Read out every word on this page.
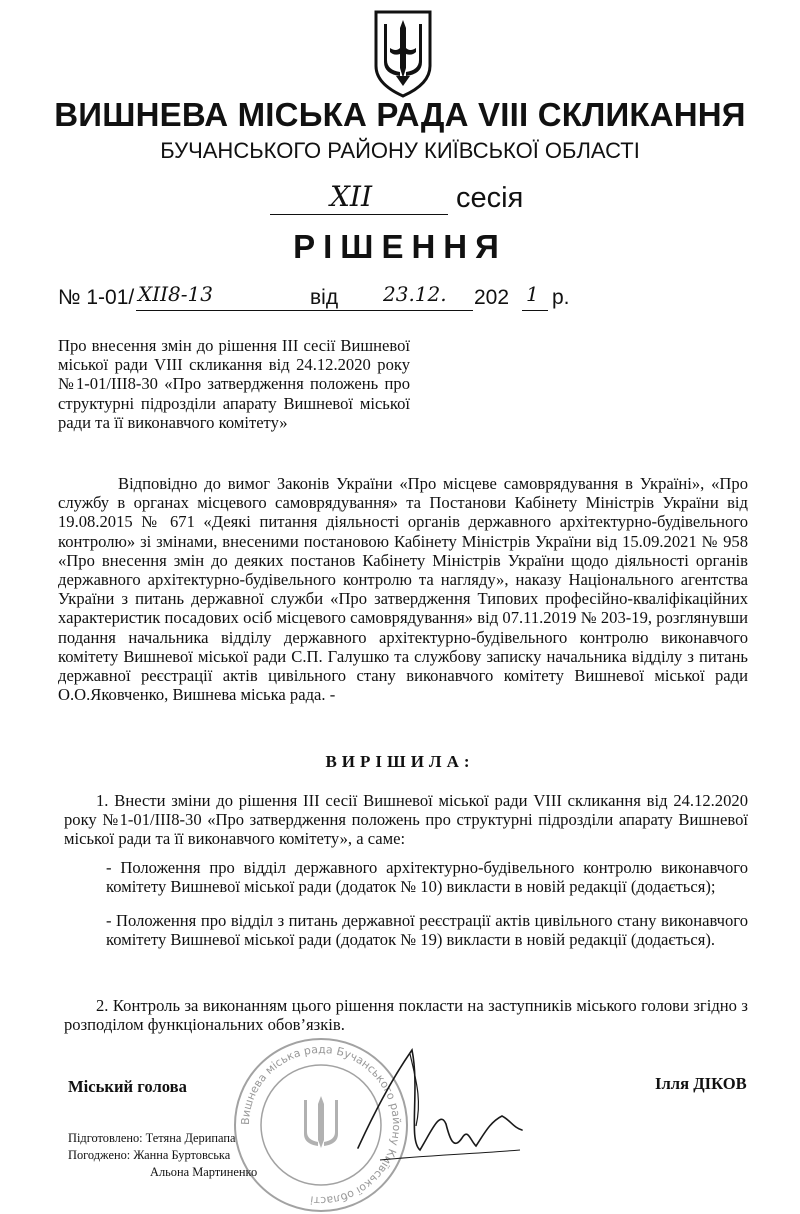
ВИШНЕВА МІСЬКА РАДА VIII СКЛИКАННЯ
БУЧАНСЬКОГО РАЙОНУ КИЇВСЬКОЇ ОБЛАСТІ
XII	сесія
РІШЕННЯ
№ 1-01/ XII8-13	від 23.12. 202 1 р.
Про внесення змін до рішення ІІІ сесії Вишневої міської ради VIII скликання від 24.12.2020 року №1-01/ІІІ8-30 «Про затвердження положень про структурні підрозділи апарату Вишневої міської ради та її виконавчого комітету»
Відповідно до вимог Законів України «Про місцеве самоврядування в Україні», «Про службу в органах місцевого самоврядування» та Постанови Кабінету Міністрів України від 19.08.2015 № 671 «Деякі питання діяльності органів державного архітектурно-будівельного контролю» зі змінами, внесеними постановою Кабінету Міністрів України від 15.09.2021 № 958 «Про внесення змін до деяких постанов Кабінету Міністрів України щодо діяльності органів державного архітектурно-будівельного контролю та нагляду», наказу Національного агентства України з питань державної служби «Про затвердження Типових професійно-кваліфікаційних характеристик посадових осіб місцевого самоврядування» від 07.11.2019 № 203-19, розглянувши подання начальника відділу державного архітектурно-будівельного контролю виконавчого комітету Вишневої міської ради С.П. Галушко та службову записку начальника відділу з питань державної реєстрації актів цивільного стану виконавчого комітету Вишневої міської ради О.О.Яковченко, Вишнева міська рада. -
ВИРІШИЛА:
1. Внести зміни до рішення ІІІ сесії Вишневої міської ради VIII скликання від 24.12.2020 року №1-01/ІІІ8-30 «Про затвердження положень про структурні підрозділи апарату Вишневої міської ради та її виконавчого комітету», а саме:
- Положення про відділ державного архітектурно-будівельного контролю виконавчого комітету Вишневої міської ради (додаток № 10) викласти в новій редакції (додається);
- Положення про відділ з питань державної реєстрації актів цивільного стану виконавчого комітету Вишневої міської ради (додаток № 19) викласти в новій редакції (додається).
2. Контроль за виконанням цього рішення покласти на заступників міського голови згідно з розподілом функціональних обов’язків.
Міський голова	Ілля ДІКОВ
Підготовлено: Тетяна Дерипапа
Погоджено: Жанна Буртовська
Альона Мартиненко
Вишнева міська рада Бучанського району Київської області
